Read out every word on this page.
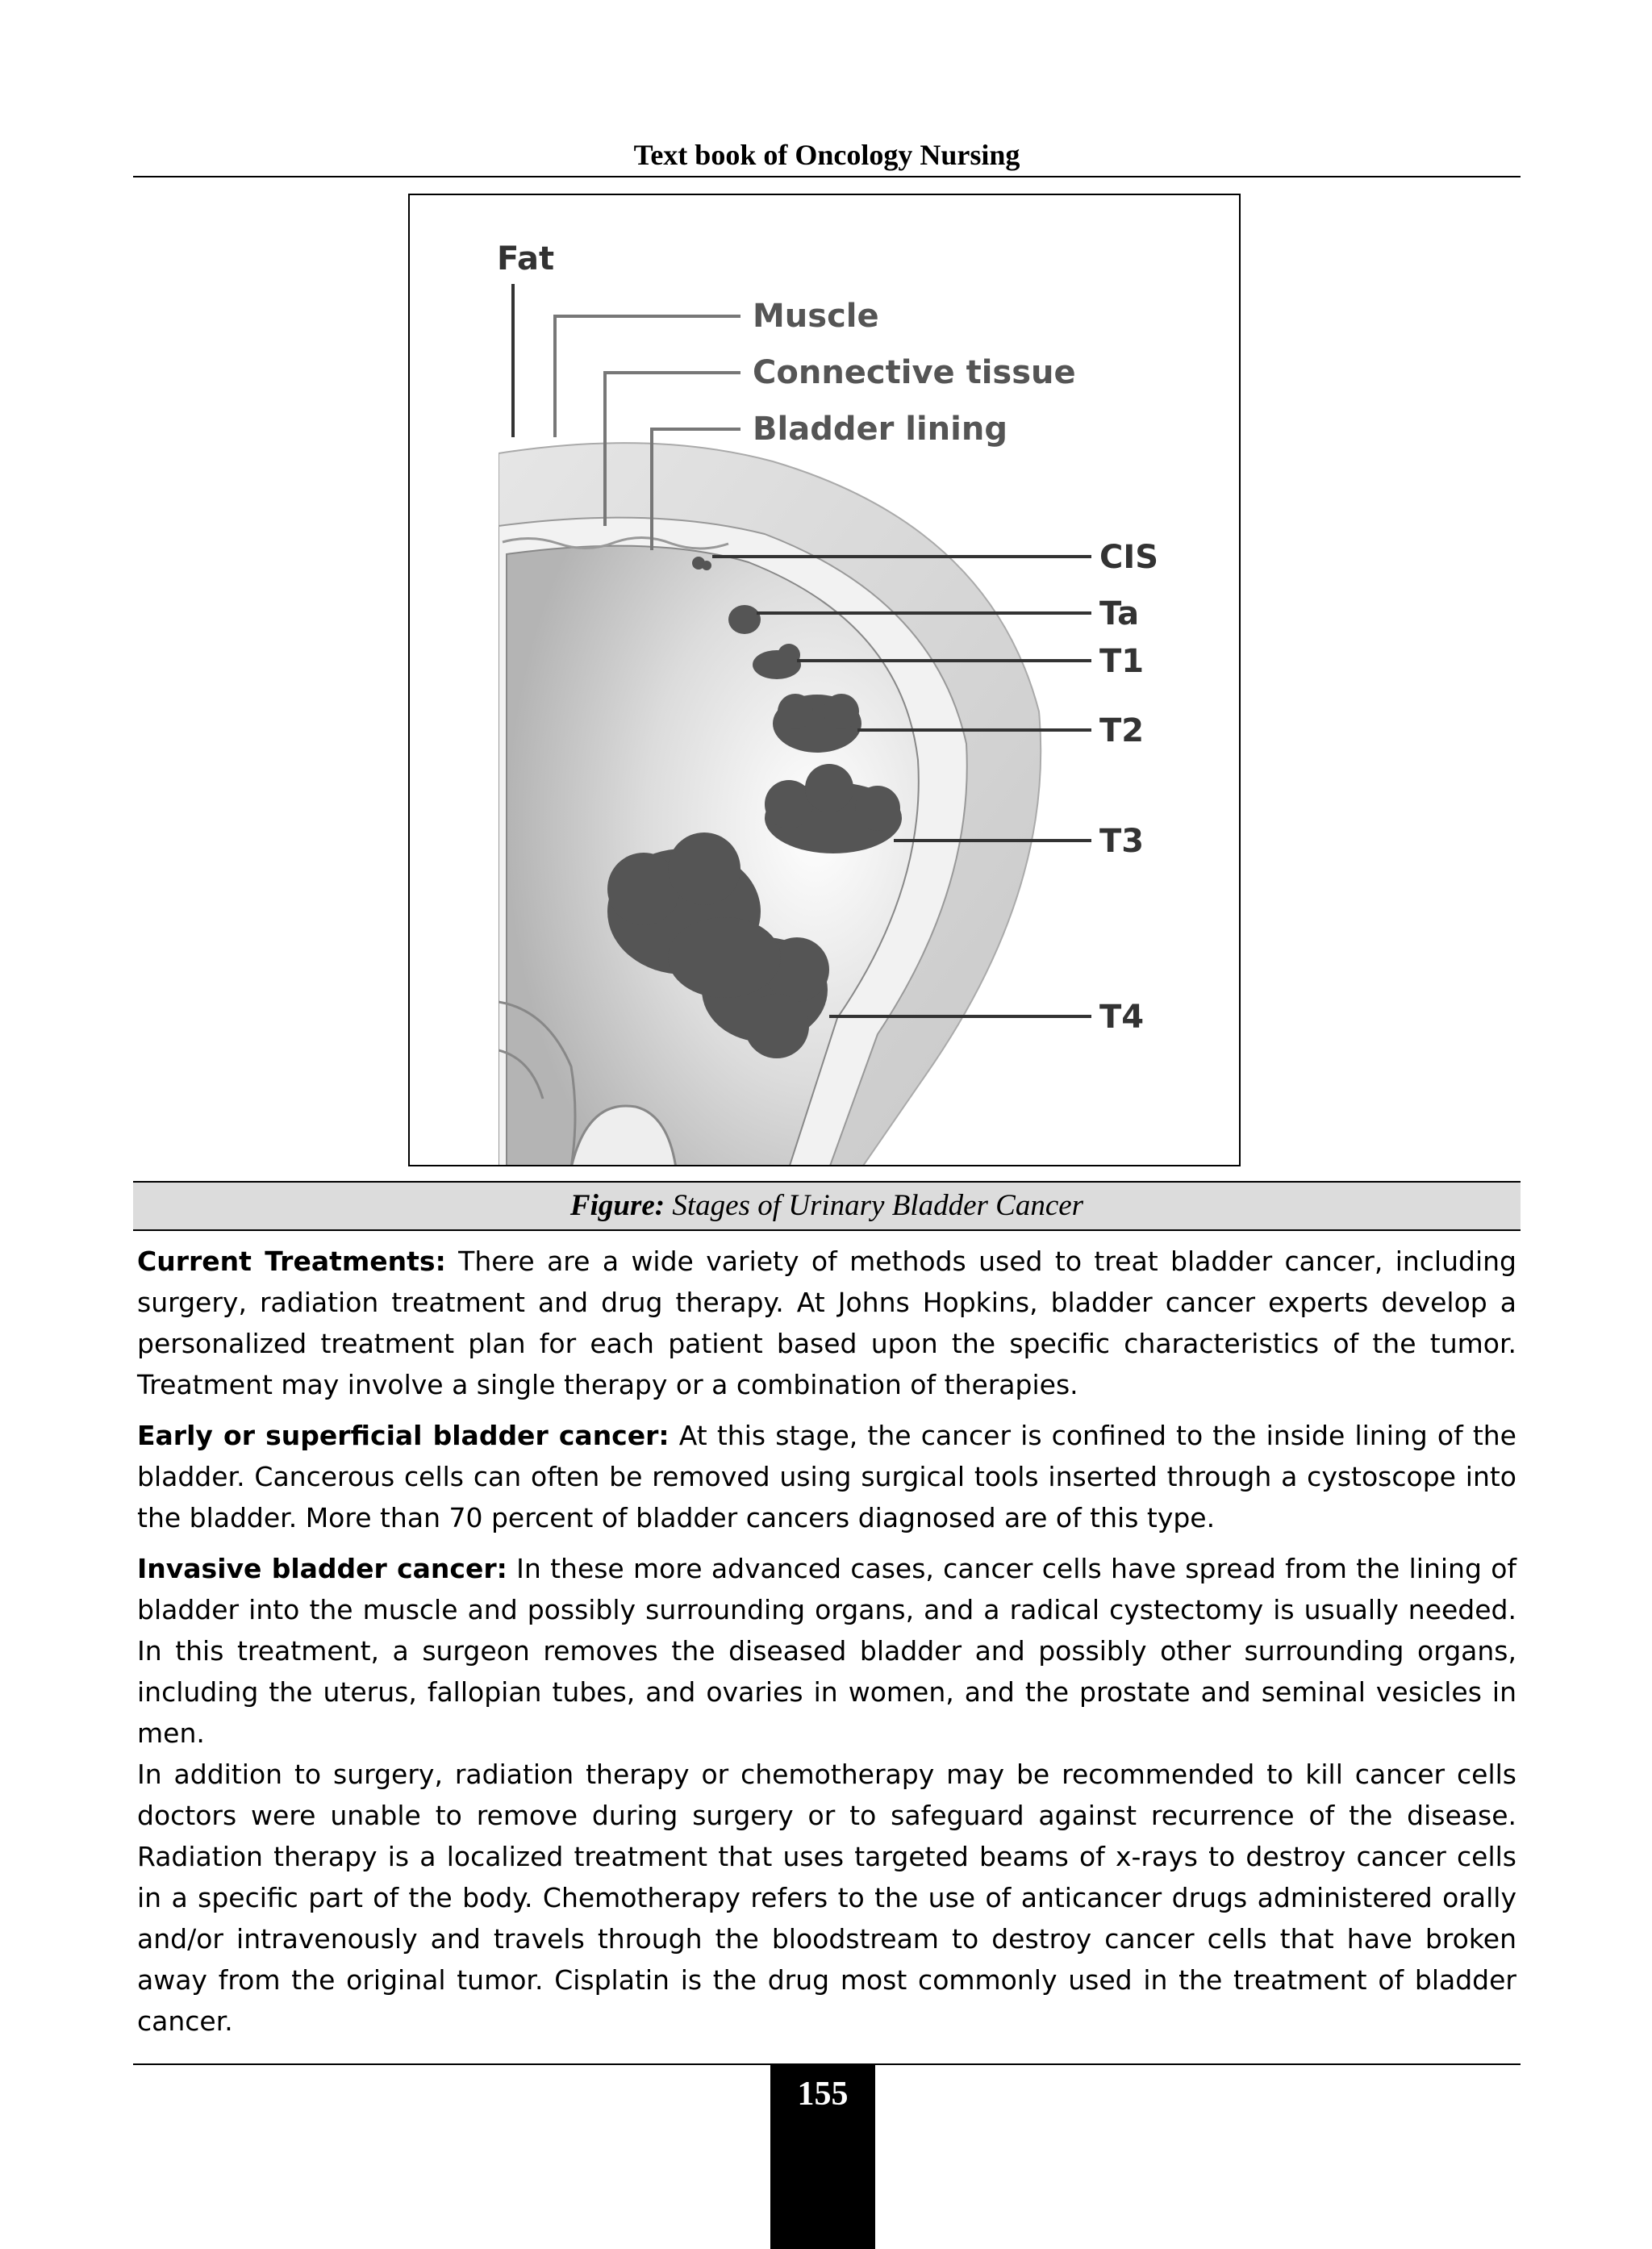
Text book of Oncology Nursing
Fat
Muscle
Connective tissue
Bladder lining
CIS
Ta
T1
T2
T3
T4
Figure: Stages of Urinary Bladder Cancer

Current Treatments: There are a wide variety of methods used to treat bladder cancer, including surgery, radiation treatment and drug therapy. At Johns Hopkins, bladder cancer experts develop a personalized treatment plan for each patient based upon the specific characteristics of the tumor. Treatment may involve a single therapy or a combination of therapies.

Early or superficial bladder cancer: At this stage, the cancer is confined to the inside lining of the bladder. Cancerous cells can often be removed using surgical tools inserted through a cystoscope into the bladder. More than 70 percent of bladder cancers diagnosed are of this type.

Invasive bladder cancer: In these more advanced cases, cancer cells have spread from the lining of bladder into the muscle and possibly surrounding organs, and a radical cystectomy is usually needed. In this treatment, a surgeon removes the diseased bladder and possibly other surrounding organs, including the uterus, fallopian tubes, and ovaries in women, and the prostate and seminal vesicles in men.

In addition to surgery, radiation therapy or chemotherapy may be recommended to kill cancer cells doctors were unable to remove during surgery or to safeguard against recurrence of the disease. Radiation therapy is a localized treatment that uses targeted beams of x-rays to destroy cancer cells in a specific part of the body. Chemotherapy refers to the use of anticancer drugs administered orally and/or intravenously and travels through the bloodstream to destroy cancer cells that have broken away from the original tumor. Cisplatin is the drug most commonly used in the treatment of bladder cancer.

155
